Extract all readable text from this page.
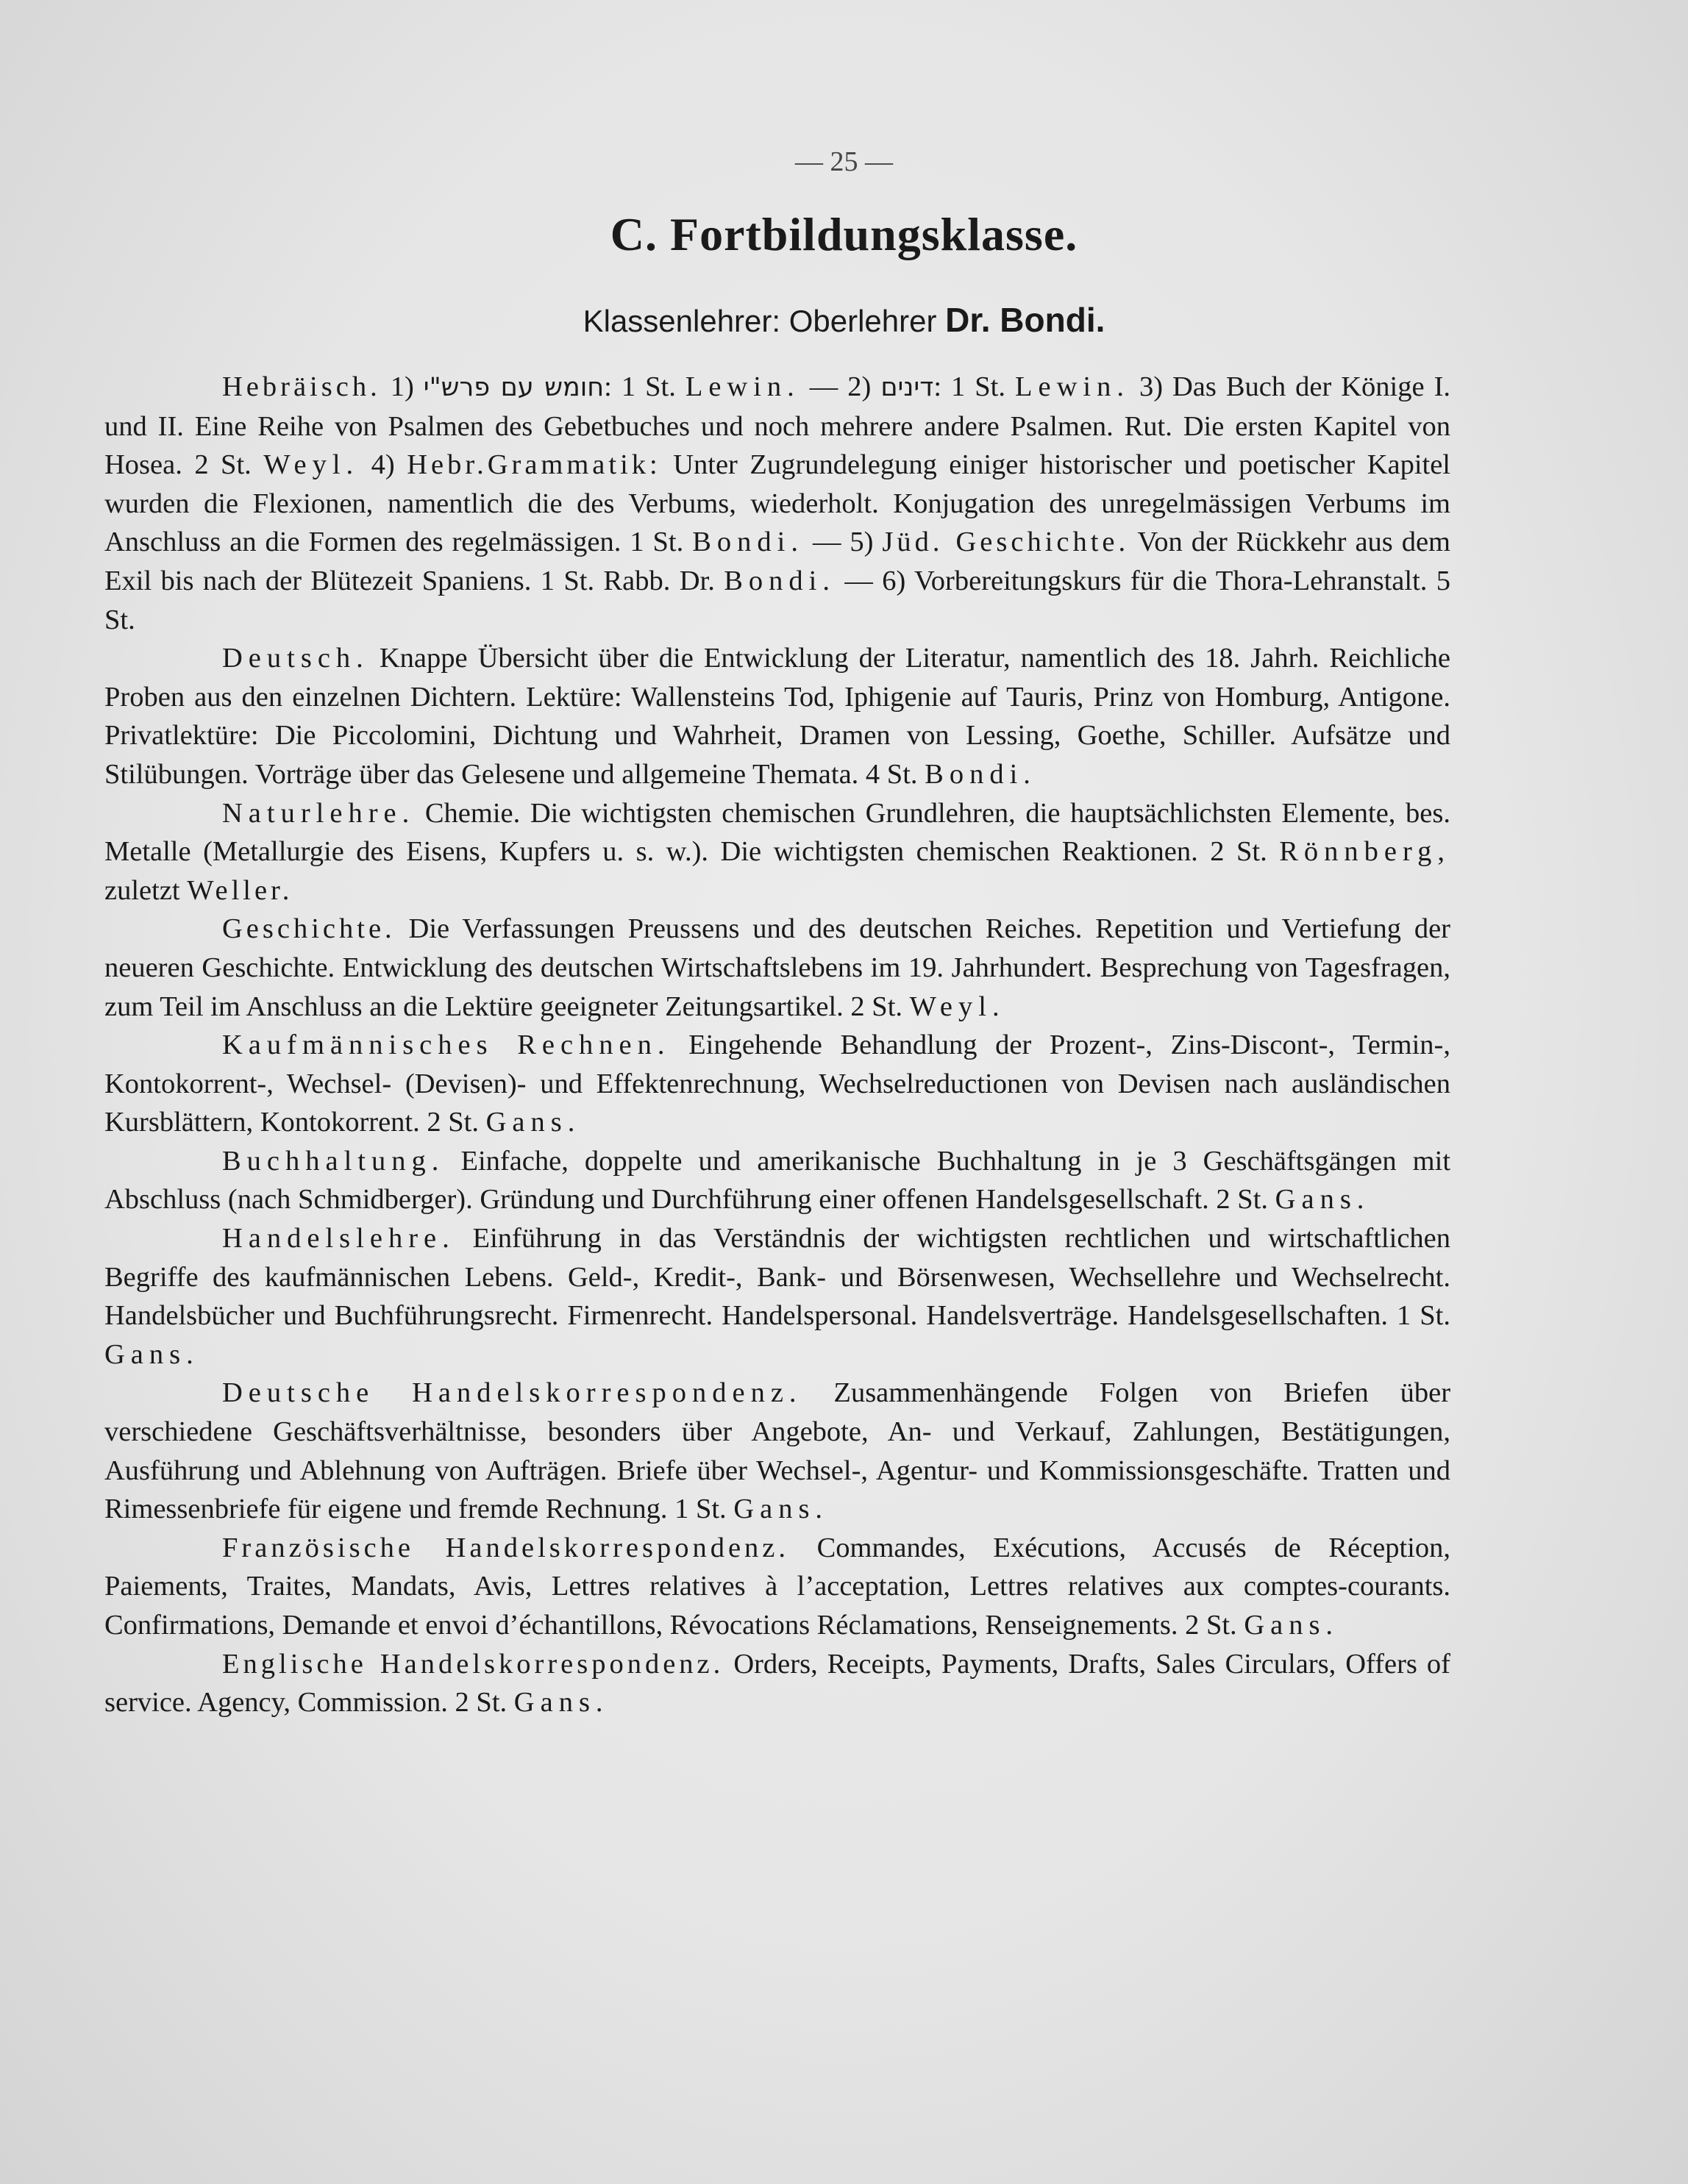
— 25 —
C. Fortbildungsklasse.
Klassenlehrer: Oberlehrer Dr. Bondi.

Hebräisch. 1) חומש עם פרש"י: 1 St. Lewin. — 2) דינים: 1 St. Lewin. 3) Das Buch der Könige I. und II. Eine Reihe von Psalmen des Gebetbuches und noch mehrere andere Psalmen. Rut. Die ersten Kapitel von Hosea. 2 St. Weyl. 4) Hebr.Grammatik: Unter Zugrundelegung einiger historischer und poetischer Kapitel wurden die Flexionen, namentlich die des Verbums, wiederholt. Konjugation des unregelmässigen Verbums im Anschluss an die Formen des regelmässigen. 1 St. Bondi. — 5) Jüd. Geschichte. Von der Rückkehr aus dem Exil bis nach der Blütezeit Spaniens. 1 St. Rabb. Dr. Bondi. — 6) Vorbereitungskurs für die Thora-Lehranstalt. 5 St.

Deutsch. Knappe Übersicht über die Entwicklung der Literatur, namentlich des 18. Jahrh. Reichliche Proben aus den einzelnen Dichtern. Lektüre: Wallensteins Tod, Iphigenie auf Tauris, Prinz von Homburg, Antigone. Privatlektüre: Die Piccolomini, Dichtung und Wahrheit, Dramen von Lessing, Goethe, Schiller. Aufsätze und Stilübungen. Vorträge über das Gelesene und allgemeine Themata. 4 St. Bondi.

Naturlehre. Chemie. Die wichtigsten chemischen Grundlehren, die hauptsächlichsten Elemente, bes. Metalle (Metallurgie des Eisens, Kupfers u. s. w.). Die wichtigsten chemischen Reaktionen. 2 St. Rönnberg, zuletzt Weller.

Geschichte. Die Verfassungen Preussens und des deutschen Reiches. Repetition und Vertiefung der neueren Geschichte. Entwicklung des deutschen Wirtschaftslebens im 19. Jahrhundert. Besprechung von Tagesfragen, zum Teil im Anschluss an die Lektüre geeigneter Zeitungsartikel. 2 St. Weyl.

Kaufmännisches Rechnen. Eingehende Behandlung der Prozent-, Zins-Discont-, Termin-, Kontokorrent-, Wechsel- (Devisen)- und Effektenrechnung, Wechselreductionen von Devisen nach ausländischen Kursblättern, Kontokorrent. 2 St. Gans.

Buchhaltung. Einfache, doppelte und amerikanische Buchhaltung in je 3 Geschäftsgängen mit Abschluss (nach Schmidberger). Gründung und Durchführung einer offenen Handelsgesellschaft. 2 St. Gans.

Handelslehre. Einführung in das Verständnis der wichtigsten rechtlichen und wirtschaftlichen Begriffe des kaufmännischen Lebens. Geld-, Kredit-, Bank- und Börsenwesen, Wechsellehre und Wechselrecht. Handelsbücher und Buchführungsrecht. Firmenrecht. Handelspersonal. Handelsverträge. Handelsgesellschaften. 1 St. Gans.

Deutsche Handelskorrespondenz. Zusammenhängende Folgen von Briefen über verschiedene Geschäftsverhältnisse, besonders über Angebote, An- und Verkauf, Zahlungen, Bestätigungen, Ausführung und Ablehnung von Aufträgen. Briefe über Wechsel-, Agentur- und Kommissionsgeschäfte. Tratten und Rimessenbriefe für eigene und fremde Rechnung. 1 St. Gans.

Französische Handelskorrespondenz. Commandes, Exécutions, Accusés de Réception, Paiements, Traites, Mandats, Avis, Lettres relatives à l’acceptation, Lettres relatives aux comptes-courants. Confirmations, Demande et envoi d’échantillons, Révocations Réclamations, Renseignements. 2 St. Gans.

Englische Handelskorrespondenz. Orders, Receipts, Payments, Drafts, Sales Circulars, Offers of service. Agency, Commission. 2 St. Gans.
